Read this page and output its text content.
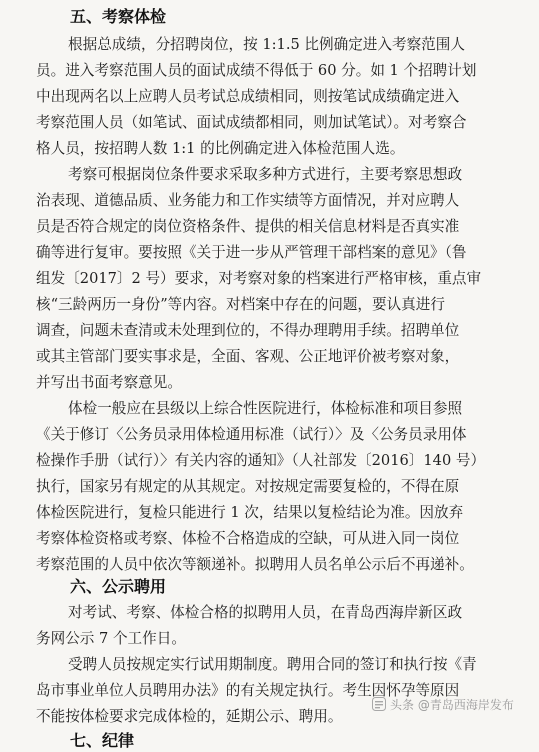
五、考察体检
根据总成绩，分招聘岗位，按 1:1.5 比例确定进入考察范围人
员。进入考察范围人员的面试成绩不得低于 60 分。如 1 个招聘计划
中出现两名以上应聘人员考试总成绩相同，则按笔试成绩确定进入
考察范围人员（如笔试、面试成绩都相同，则加试笔试）。对考察合
格人员，按招聘人数 1:1 的比例确定进入体检范围人选。
考察可根据岗位条件要求采取多种方式进行，主要考察思想政
治表现、道德品质、业务能力和工作实绩等方面情况，并对应聘人
员是否符合规定的岗位资格条件、提供的相关信息材料是否真实准
确等进行复审。要按照《关于进一步从严管理干部档案的意见》（鲁
组发〔2017〕2 号）要求，对考察对象的档案进行严格审核，重点审
核“三龄两历一身份”等内容。对档案中存在的问题，要认真进行
调查，问题未查清或未处理到位的，不得办理聘用手续。招聘单位
或其主管部门要实事求是，全面、客观、公正地评价被考察对象，
并写出书面考察意见。
体检一般应在县级以上综合性医院进行，体检标准和项目参照
《关于修订〈公务员录用体检通用标准（试行）〉及〈公务员录用体
检操作手册（试行）〉有关内容的通知》（人社部发〔2016〕140 号）
执行，国家另有规定的从其规定。对按规定需要复检的，不得在原
体检医院进行，复检只能进行 1 次，结果以复检结论为准。因放弃
考察体检资格或考察、体检不合格造成的空缺，可从进入同一岗位
考察范围的人员中依次等额递补。拟聘用人员名单公示后不再递补。
六、公示聘用
对考试、考察、体检合格的拟聘用人员，在青岛西海岸新区政
务网公示 7 个工作日。
受聘人员按规定实行试用期制度。聘用合同的签订和执行按《青
岛市事业单位人员聘用办法》的有关规定执行。考生因怀孕等原因
不能按体检要求完成体检的，延期公示、聘用。
七、纪律
头条 @青岛西海岸发布
